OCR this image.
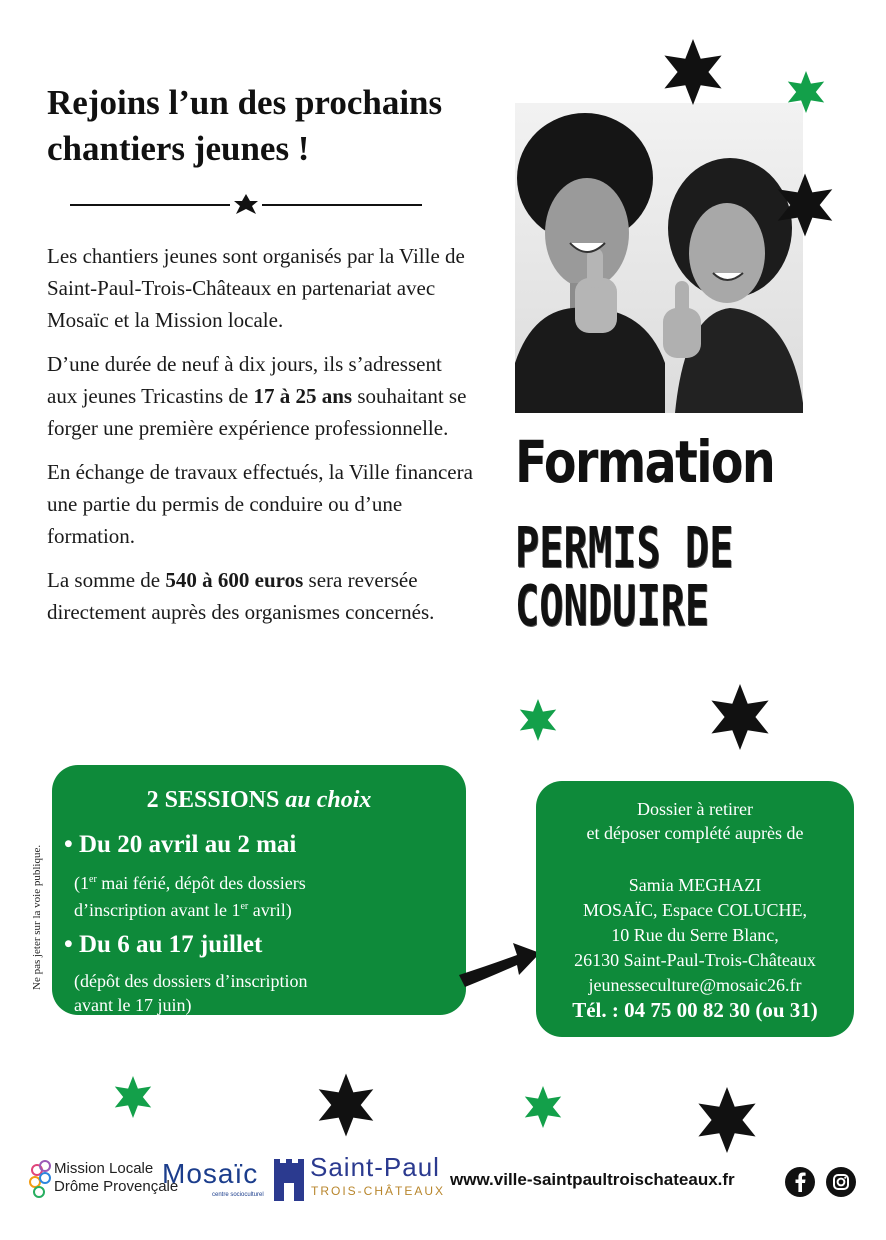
Rejoins l’un des prochains
chantiers jeunes !

Les chantiers jeunes sont organisés par la Ville de Saint-Paul-Trois-Châteaux en partenariat avec Mosaïc et la Mission locale.

D’une durée de neuf à dix jours, ils s’adressent aux jeunes Tricastins de 17 à 25 ans souhaitant se forger une première expérience professionnelle.

En échange de travaux effectués, la Ville financera une partie du permis de conduire ou d’une formation.

La somme de 540 à 600 euros sera reversée directement auprès des organismes concernés.

Formation
PERMIS DE
CONDUIRE
2 SESSIONS au choix
• Du 20 avril au 2 mai
(1er mai férié, dépôt des dossiers
d’inscription avant le 1er avril)
• Du 6 au 17 juillet
(dépôt des dossiers d’inscription
avant le 17 juin)
Dossier à retirer
et déposer complété auprès de
Samia MEGHAZI
MOSAÏC, Espace COLUCHE,
10 Rue du Serre Blanc,
26130 Saint-Paul-Trois-Châteaux
jeunesseculture@mosaic26.fr
Tél. : 04 75 00 82 30 (ou 31)
Ne pas jeter sur la voie publique.
Mission Locale
Drôme Provençale
Mosaïc
centre socioculturel
Saint-Paul
TROIS-CHÂTEAUX
www.ville-saintpaultroischateaux.fr
